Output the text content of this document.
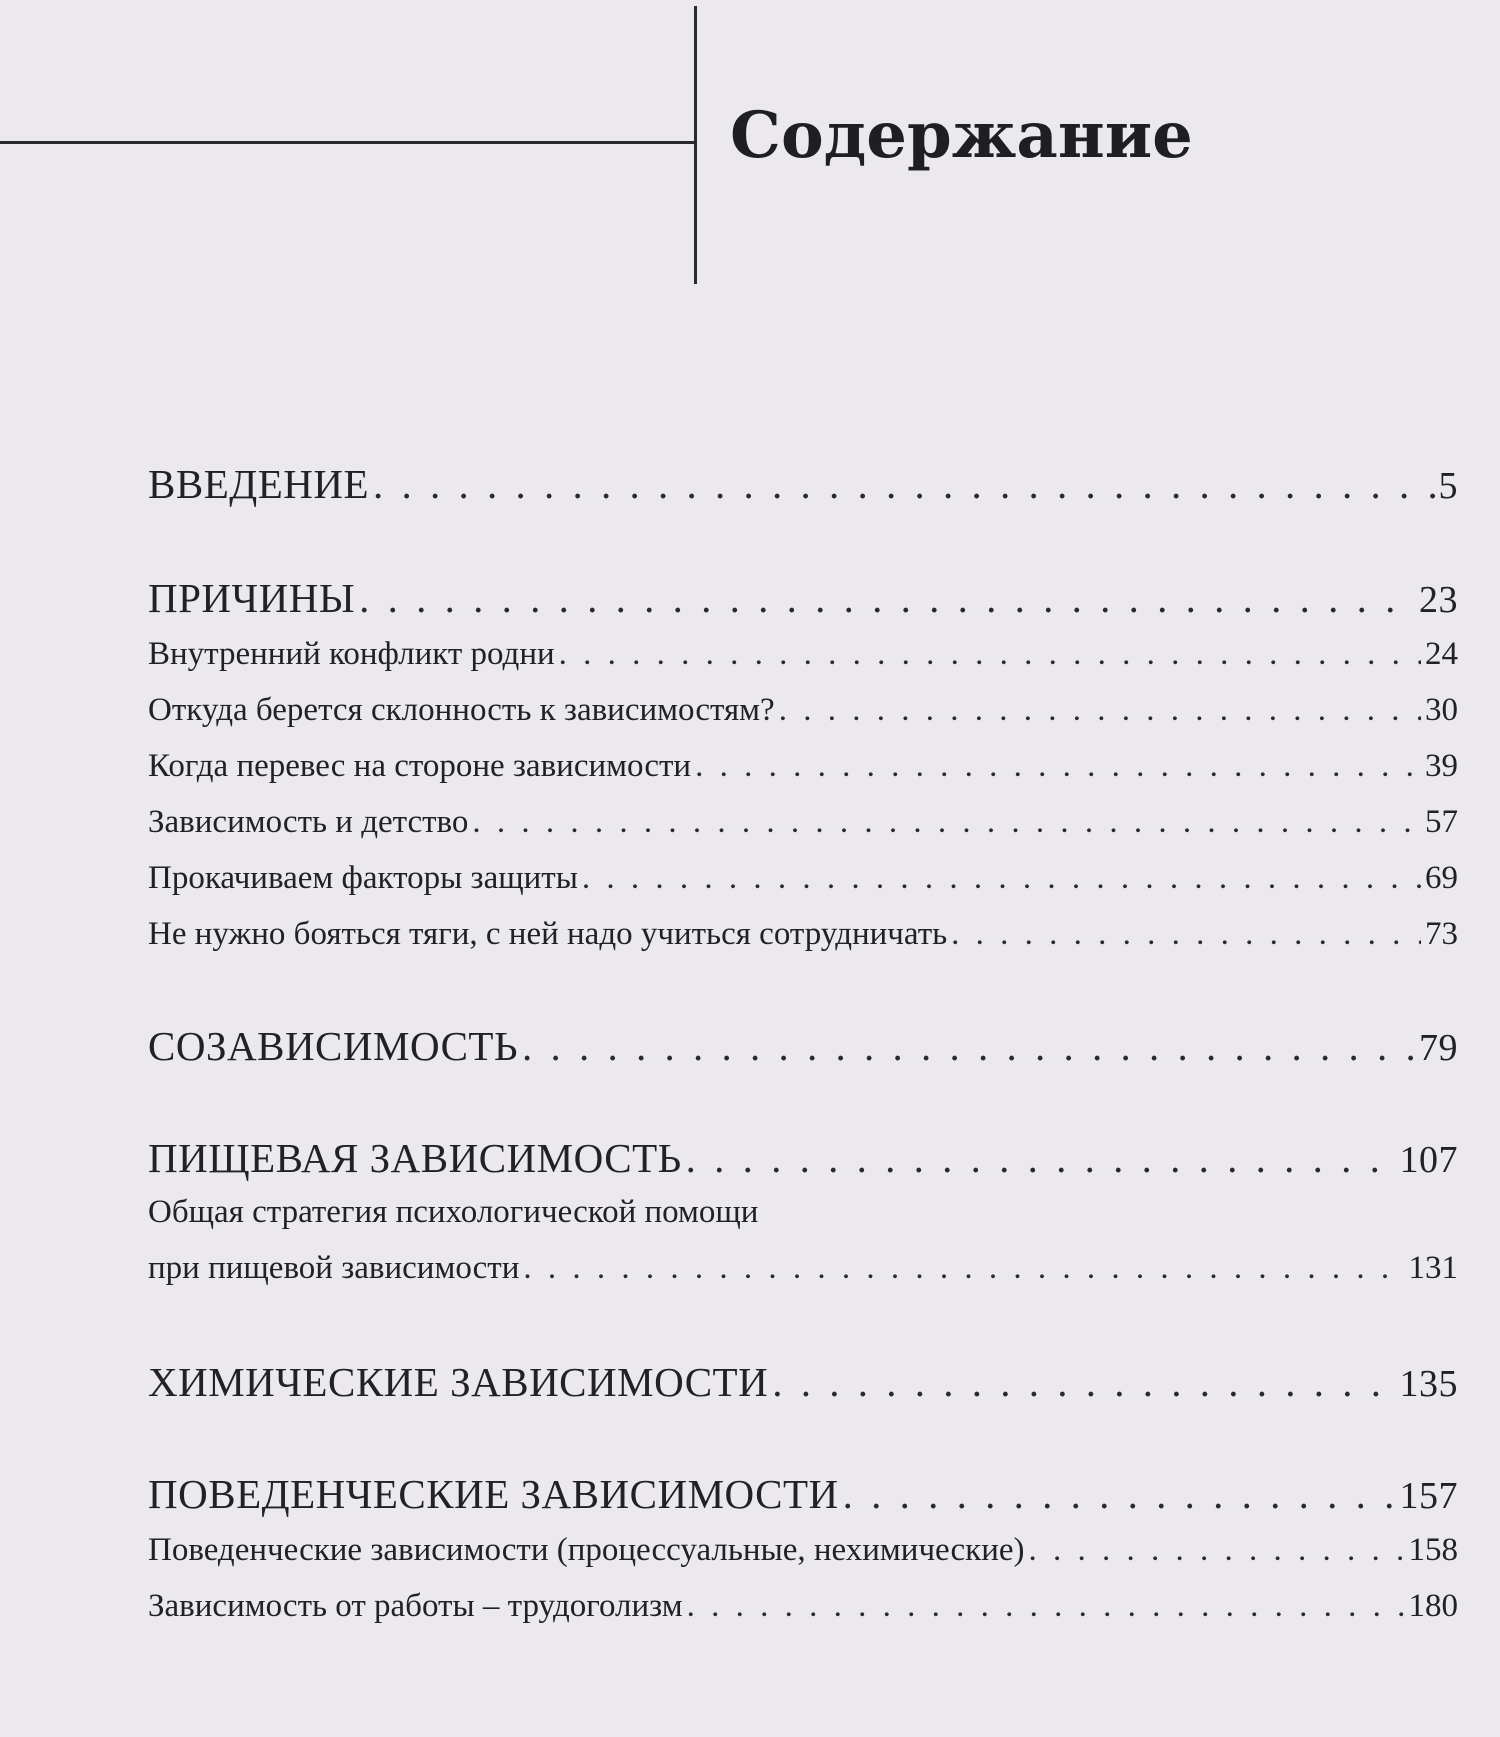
Содержание
ВВЕДЕНИЕ . . .	5
ПРИЧИНЫ . . .	23
Внутренний конфликт родни . . .	24
Откуда берется склонность к зависимостям? . . .	30
Когда перевес на стороне зависимости . . .	39
Зависимость и детство . . .	57
Прокачиваем факторы защиты . . .	69
Не нужно бояться тяги, с ней надо учиться сотрудничать . . .	73
СОЗАВИСИМОСТЬ . . .	79
ПИЩЕВАЯ ЗАВИСИМОСТЬ . . .	107
Общая стратегия психологической помощи
при пищевой зависимости . . .	131
ХИМИЧЕСКИЕ ЗАВИСИМОСТИ . . .	135
ПОВЕДЕНЧЕСКИЕ ЗАВИСИМОСТИ . . .	157
Поведенческие зависимости (процессуальные, нехимические) . . .	158
Зависимость от работы – трудоголизм . . .	180
